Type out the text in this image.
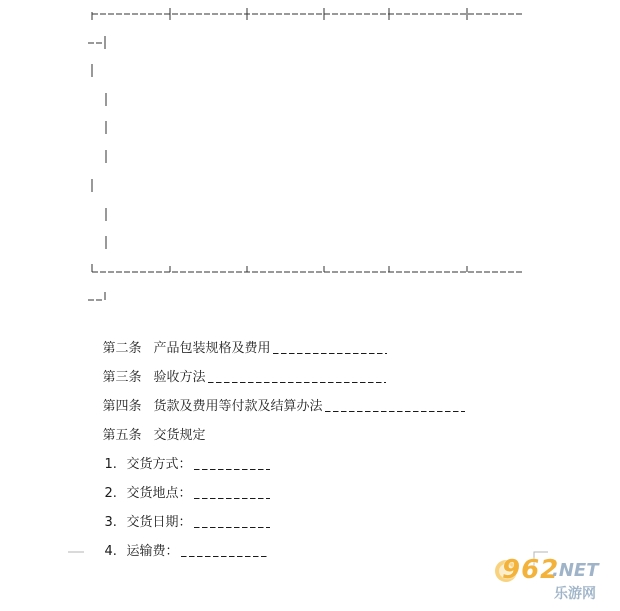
第二条 产品包装规格及费用

第三条 验收方法

第四条 货款及费用等付款及结算办法

第五条 交货规定

1. 交货方式：

2. 交货地点：

3. 交货日期：

4. 运输费：

962
.NET
乐游网
